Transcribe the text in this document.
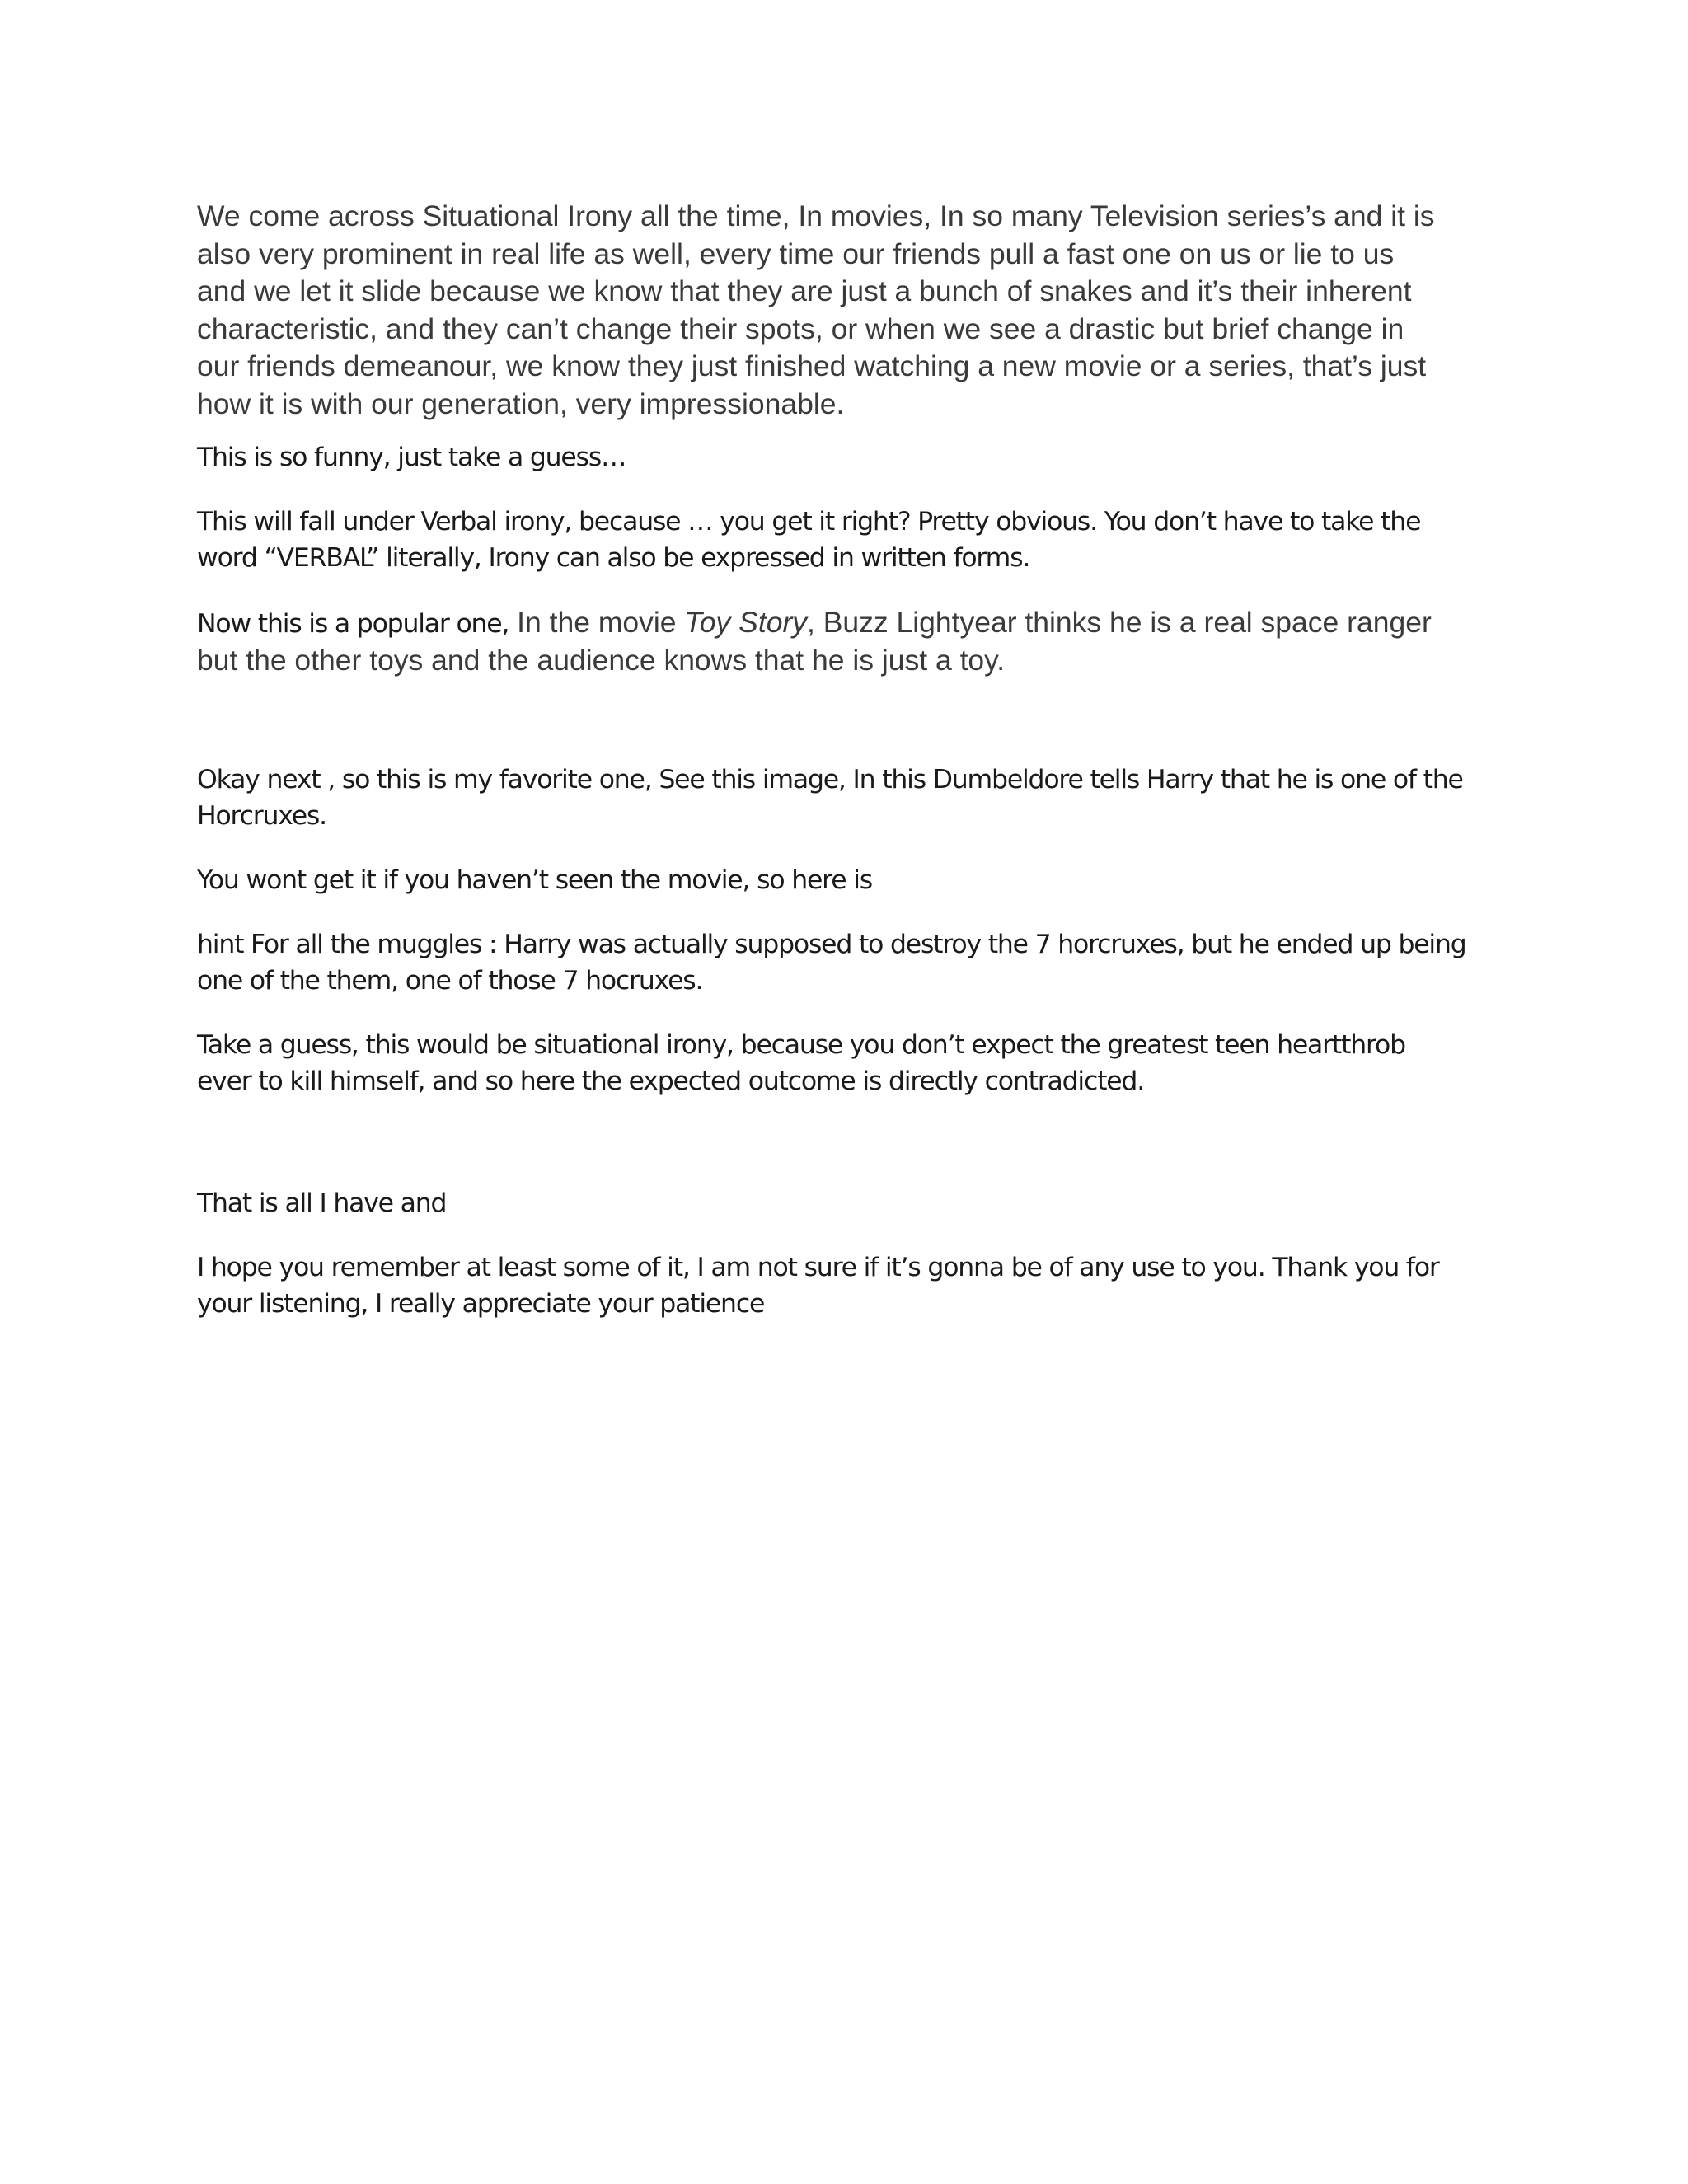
We come across Situational Irony all the time, In movies, In so many Television series’s and it is
also very prominent in real life as well, every time our friends pull a fast one on us or lie to us
and we let it slide because we know that they are just a bunch of snakes and it’s their inherent
characteristic, and they can’t change their spots, or when we see a drastic but brief change in
our friends demeanour, we know they just finished watching a new movie or a series, that’s just
how it is with our generation, very impressionable.
This is so funny, just take a guess…
This will fall under Verbal irony, because … you get it right? Pretty obvious. You don’t have to take the
word “VERBAL” literally, Irony can also be expressed in written forms.
Now this is a popular one, In the movie Toy Story, Buzz Lightyear thinks he is a real space ranger
but the other toys and the audience knows that he is just a toy.
Okay next , so this is my favorite one, See this image, In this Dumbeldore tells Harry that he is one of the
Horcruxes.
You wont get it if you haven’t seen the movie, so here is
hint For all the muggles : Harry was actually supposed to destroy the 7 horcruxes, but he ended up being
one of the them, one of those 7 hocruxes.
Take a guess, this would be situational irony, because you don’t expect the greatest teen heartthrob
ever to kill himself, and so here the expected outcome is directly contradicted.
That is all I have and
I hope you remember at least some of it, I am not sure if it’s gonna be of any use to you. Thank you for
your listening, I really appreciate your patience
